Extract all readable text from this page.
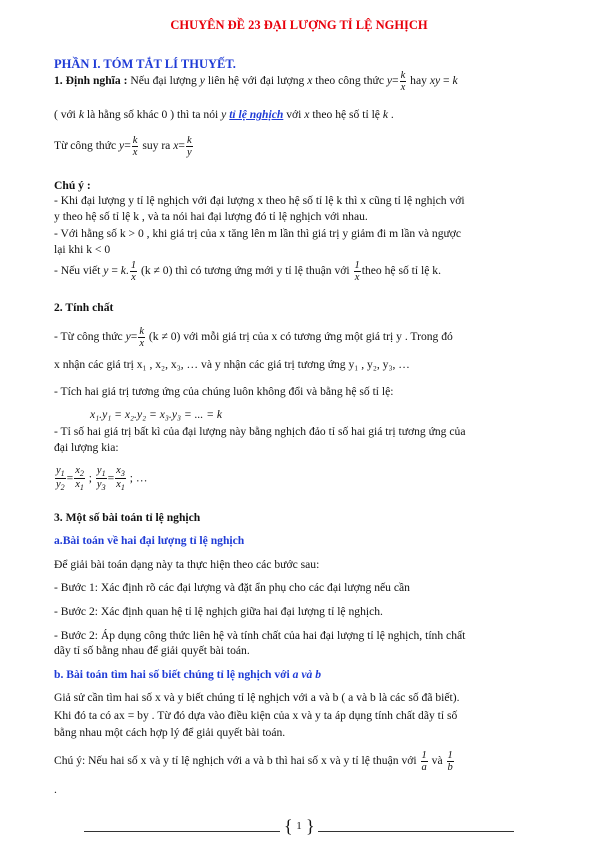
CHUYÊN ĐỀ 23 ĐẠI LƯỢNG TỈ LỆ NGHỊCH
PHẦN I. TÓM TẮT LÍ THUYẾT.
1. Định nghĩa : Nếu đại lượng y liên hệ với đại lượng x theo công thức $y= \frac{k}{x}$ hay xy = k
( với k là hằng số khác 0 ) thì ta nói y tỉ lệ nghịch với x theo hệ số tỉ lệ k .
Từ công thức $y= \frac{k}{x}$ suy ra $x= \frac{k}{y}$
Chú ý :
- Khi đại lượng y tỉ lệ nghịch với đại lượng x theo hệ số tỉ lệ k thì x cũng tỉ lệ nghịch với
y theo hệ số tỉ lệ k , và ta nói hai đại lượng đó tỉ lệ nghịch với nhau.
- Với hằng số k > 0 , khi giá trị của x tăng lên m lần thì giá trị y giảm đi m lần và ngược
lại khi k < 0
- Nếu viết y = k. $\frac{1}{x} (k \ne 0)$ thì có tương ứng mới y tỉ lệ thuận với $\frac{1}{x}$ theo hệ số tỉ lệ k.
2. Tính chất
- Từ công thức $y= \frac{k}{x} (k \ne 0)$ với mỗi giá trị của x có tương ứng một giá trị y . Trong đó
x nhận các giá trị x₁ , x₂, x₃, … và y nhận các giá trị tương ứng y₁ , y₂, y₃, …
- Tích hai giá trị tương ứng của chúng luôn không đổi và bằng hệ số tỉ lệ:
x₁.y₁ = x₂.y₂ = x₃.y₃ = ... = k
- Tỉ số hai giá trị bất kì của đại lượng này bằng nghịch đảo tỉ số hai giá trị tương ứng của
đại lượng kia:
$\frac{y_1}{y_2} = \frac{x_2}{x_1}$ ; $\frac{y_1}{y_3} = \frac{x_3}{x_1}$ ; …
3. Một số bài toán tỉ lệ nghịch
a.Bài toán về hai đại lượng tỉ lệ nghịch
Để giải bài toán dạng này ta thực hiện theo các bước sau:
- Bước 1: Xác định rõ các đại lượng và đặt ẩn phụ cho các đại lượng nếu cần
- Bước 2: Xác định quan hệ tỉ lệ nghịch giữa hai đại lượng tỉ lệ nghịch.
- Bước 2: Áp dụng công thức liên hệ và tính chất của hai đại lượng tỉ lệ nghịch, tính chất
dãy tỉ số bằng nhau để giải quyết bài toán.
b. Bài toán tìm hai số biết chúng tỉ lệ nghịch với a và b
Giả sử cần tìm hai số x và y biết chúng tỉ lệ nghịch với a và b ( a và b là các số đã biết).
Khi đó ta có ax = by . Từ đó dựa vào điều kiện của x và y ta áp dụng tính chất dãy tỉ số
bằng nhau một cách hợp lý để giải quyết bài toán.
Chú ý: Nếu hai số x và y tỉ lệ nghịch với a và b thì hai số x và y tỉ lệ thuận với $\frac{1}{a}$ và $\frac{1}{b}$
.
{ 1 }
